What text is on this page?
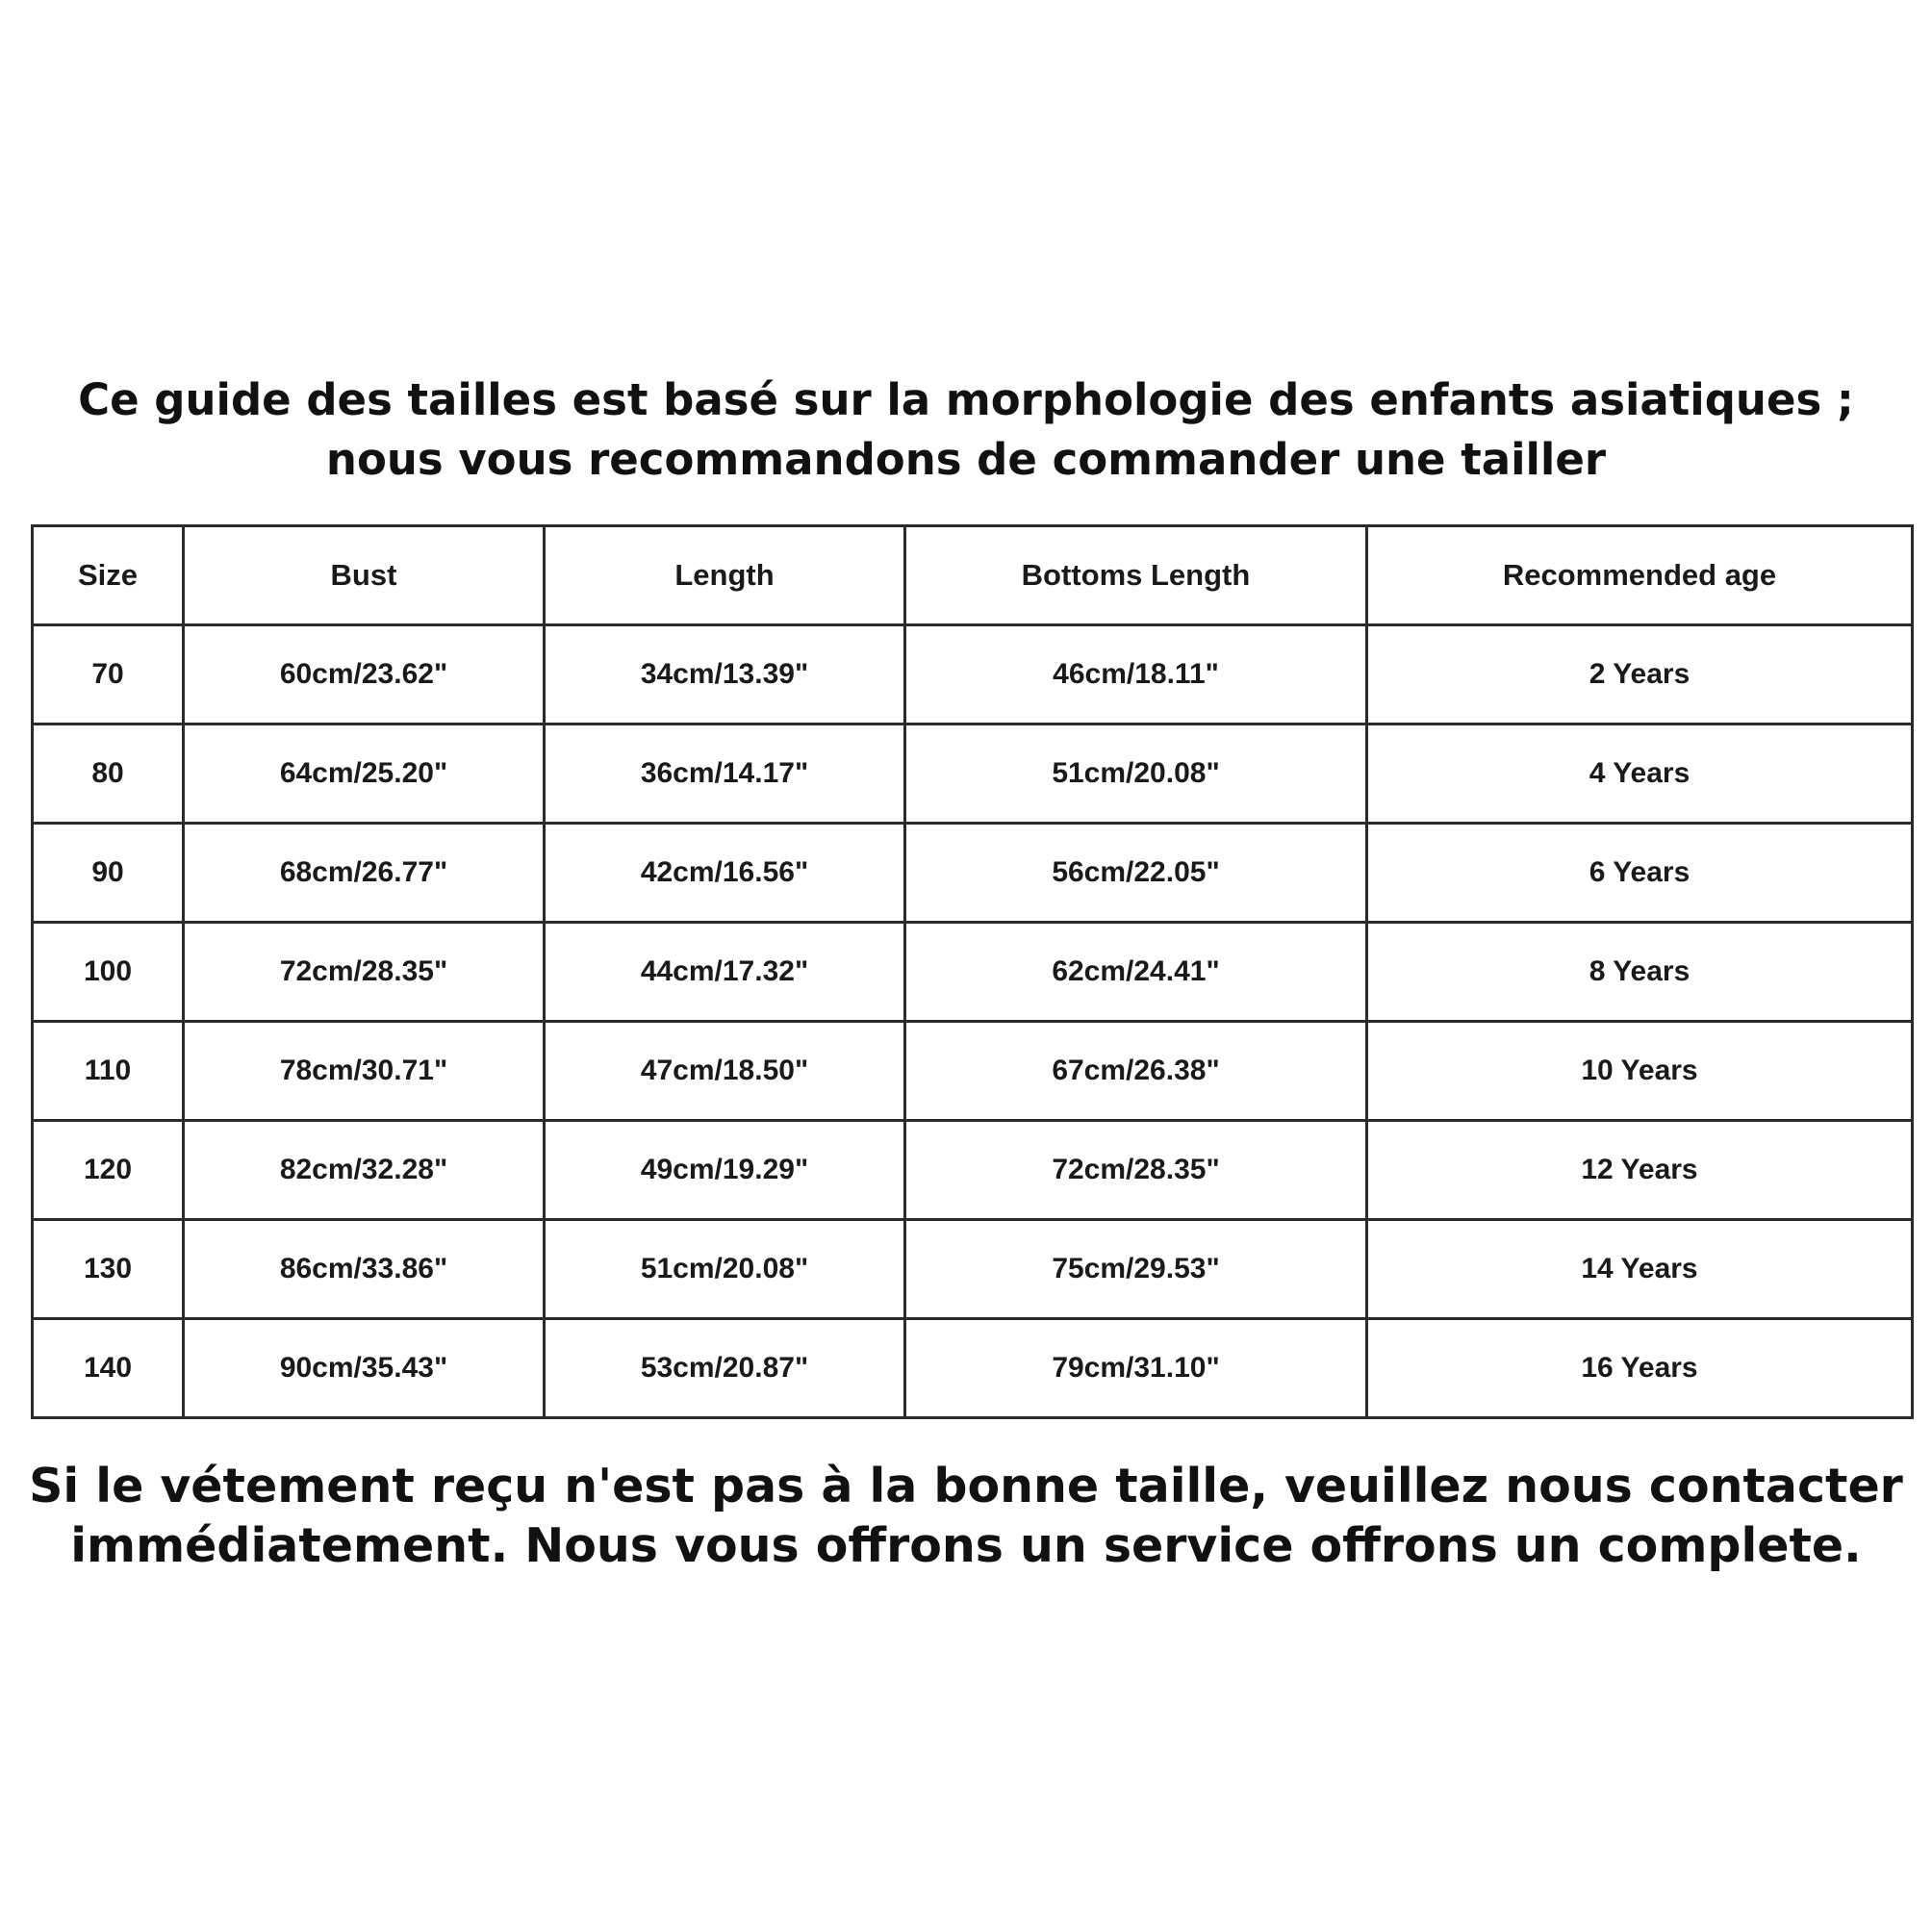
Ce guide des tailles est basé sur la morphologie des enfants asiatiques ;
nous vous recommandons de commander une tailler
Size	Bust	Length	Bottoms Length	Recommended age
70	60cm/23.62"	34cm/13.39"	46cm/18.11"	2 Years
80	64cm/25.20"	36cm/14.17"	51cm/20.08"	4 Years
90	68cm/26.77"	42cm/16.56"	56cm/22.05"	6 Years
100	72cm/28.35"	44cm/17.32"	62cm/24.41"	8 Years
110	78cm/30.71"	47cm/18.50"	67cm/26.38"	10 Years
120	82cm/32.28"	49cm/19.29"	72cm/28.35"	12 Years
130	86cm/33.86"	51cm/20.08"	75cm/29.53"	14 Years
140	90cm/35.43"	53cm/20.87"	79cm/31.10"	16 Years
Si le vétement reçu n'est pas à la bonne taille, veuillez nous contacter
immédiatement. Nous vous offrons un service offrons un complete.
